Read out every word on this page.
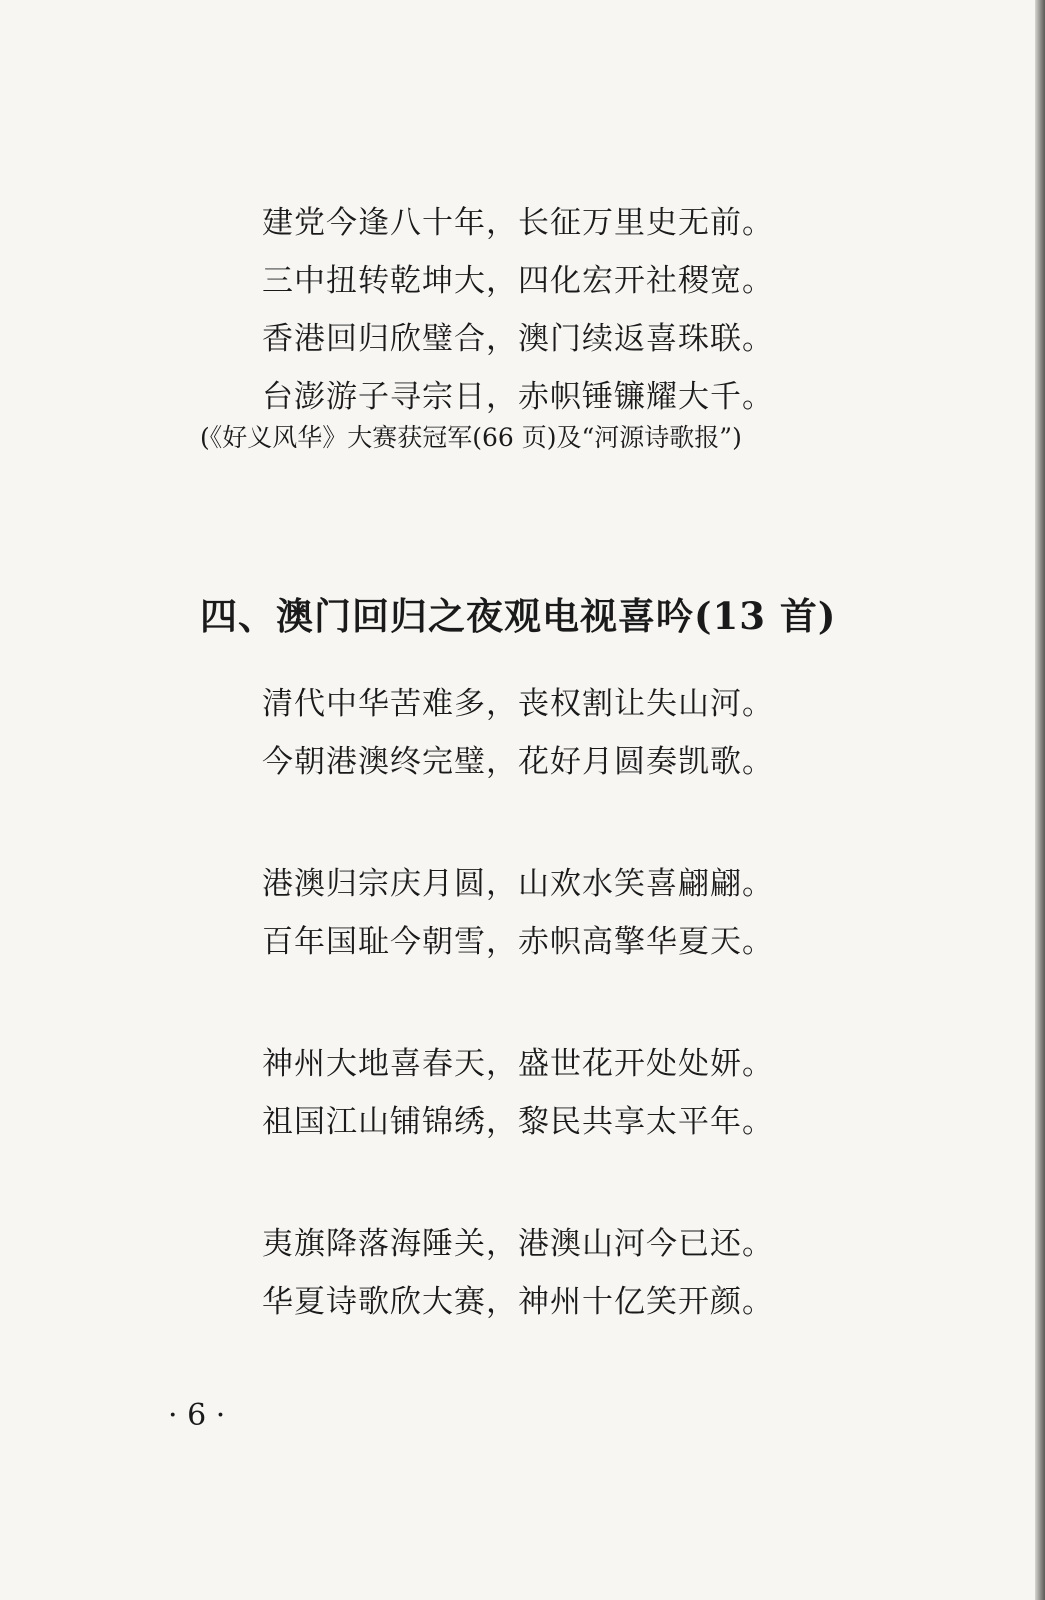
建党今逢八十年，长征万里史无前。
三中扭转乾坤大，四化宏开社稷宽。
香港回归欣璧合，澳门续返喜珠联。
台澎游子寻宗日，赤帜锤镰耀大千。
(《好义风华》大赛获冠军(66 页)及“河源诗歌报”)
四、澳门回归之夜观电视喜吟(13 首)
清代中华苦难多，丧权割让失山河。
今朝港澳终完璧，花好月圆奏凯歌。
港澳归宗庆月圆，山欢水笑喜翩翩。
百年国耻今朝雪，赤帜高擎华夏天。
神州大地喜春天，盛世花开处处妍。
祖国江山铺锦绣，黎民共享太平年。
夷旗降落海陲关，港澳山河今已还。
华夏诗歌欣大赛，神州十亿笑开颜。
· 6 ·
